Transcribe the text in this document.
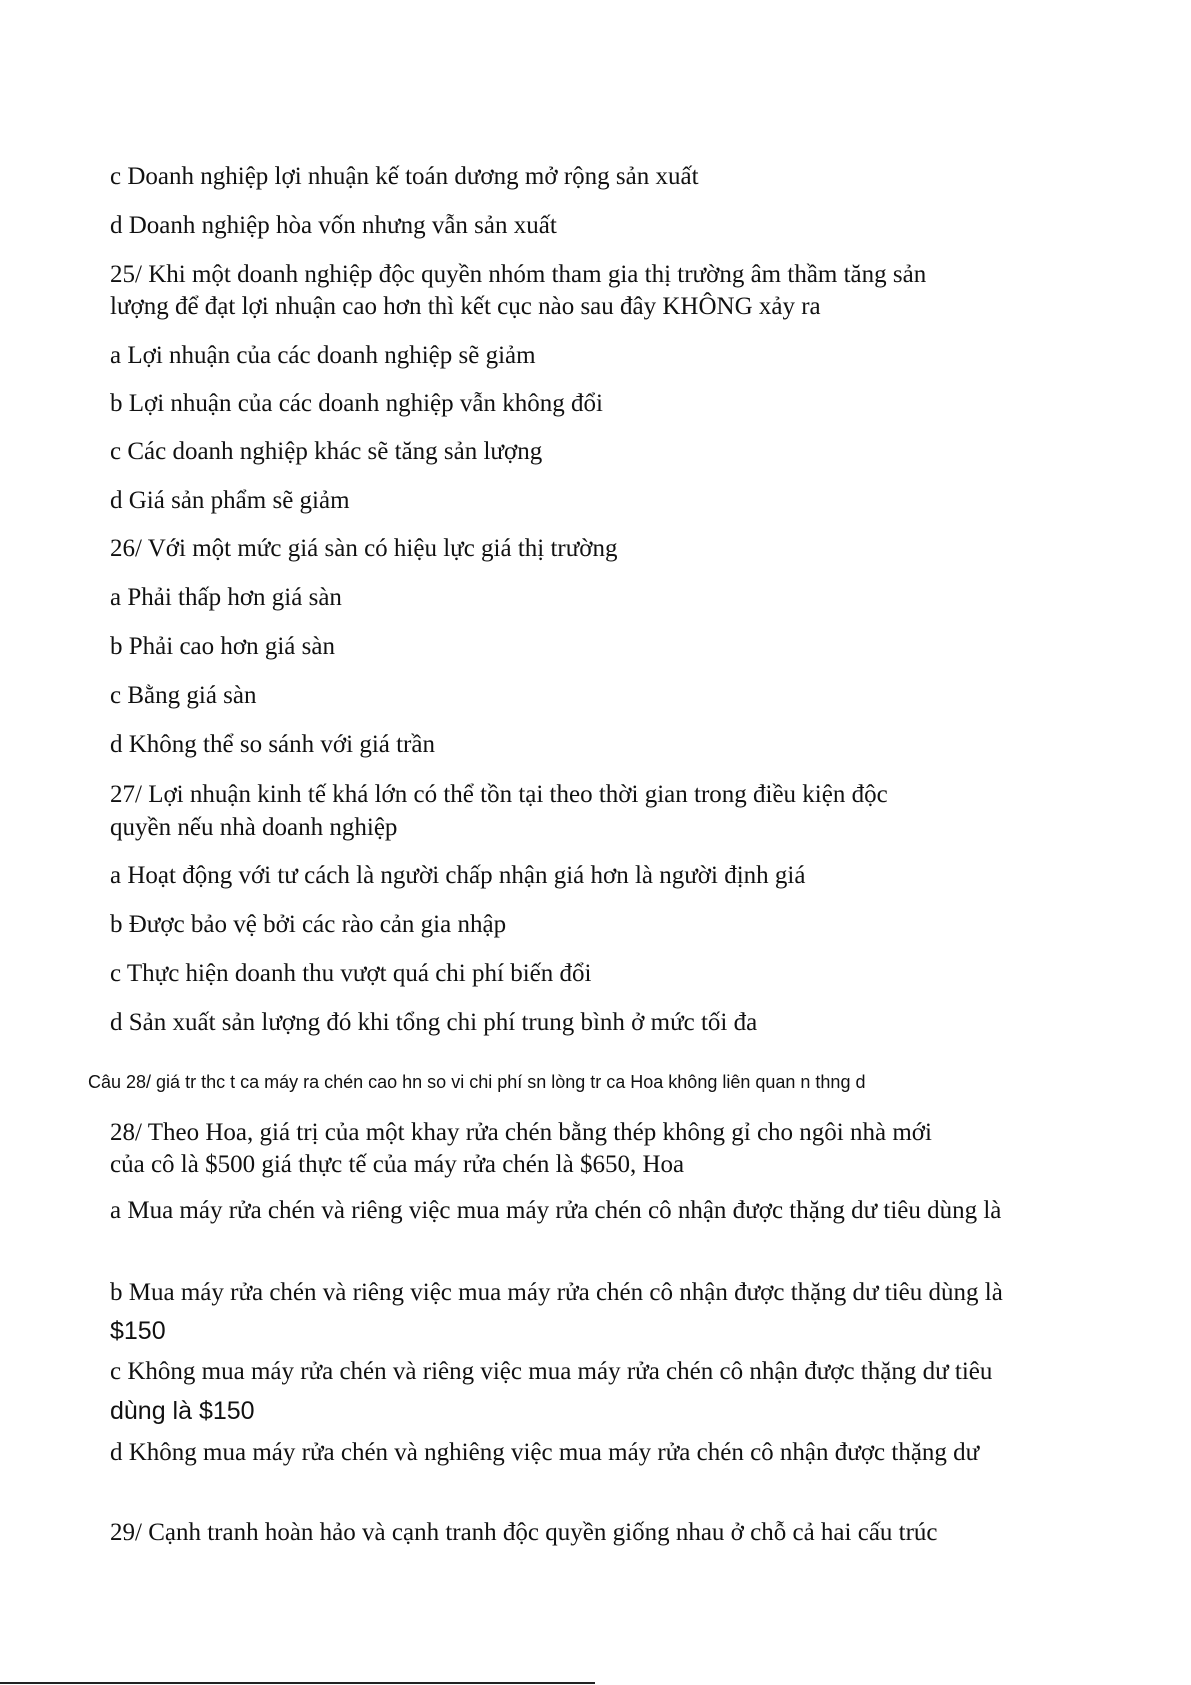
c Doanh nghiệp lợi nhuận kế toán dương mở rộng sản xuất

d Doanh nghiệp hòa vốn nhưng vẫn sản xuất

25/ Khi một doanh nghiệp độc quyền nhóm tham gia thị trường âm thầm tăng sản

lượng để đạt lợi nhuận cao hơn thì kết cục nào sau đây KHÔNG xảy ra

a Lợi nhuận của các doanh nghiệp sẽ giảm

b Lợi nhuận của các doanh nghiệp vẫn không đổi

c Các doanh nghiệp khác sẽ tăng sản lượng

d Giá sản phẩm sẽ giảm

26/ Với một mức giá sàn có hiệu lực giá thị trường

a Phải thấp hơn giá sàn

b Phải cao hơn giá sàn

c Bằng giá sàn

d Không thể so sánh với giá trần

27/ Lợi nhuận kinh tế khá lớn có thể tồn tại theo thời gian trong điều kiện độc

quyền nếu nhà doanh nghiệp

a Hoạt động với tư cách là người chấp nhận giá hơn là người định giá

b Được bảo vệ bởi các rào cản gia nhập

c Thực hiện doanh thu vượt quá chi phí biến đổi

d Sản xuất sản lượng đó khi tổng chi phí trung bình ở mức tối đa

Câu 28/ giá tr thc t ca máy ra chén cao hn so vi chi phí sn lòng tr ca Hoa không liên quan n thng d

28/ Theo Hoa, giá trị của một khay rửa chén bằng thép không gỉ cho ngôi nhà mới

của cô là $500 giá thực tế của máy rửa chén là $650, Hoa

a Mua máy rửa chén và riêng việc mua máy rửa chén cô nhận được thặng dư tiêu dùng là

b Mua máy rửa chén và riêng việc mua máy rửa chén cô nhận được thặng dư tiêu dùng là

$150

c Không mua máy rửa chén và riêng việc mua máy rửa chén cô nhận được thặng dư tiêu

dùng là $150

d Không mua máy rửa chén và nghiêng việc mua máy rửa chén cô nhận được thặng dư

29/ Cạnh tranh hoàn hảo và cạnh tranh độc quyền giống nhau ở chỗ cả hai cấu trúc
